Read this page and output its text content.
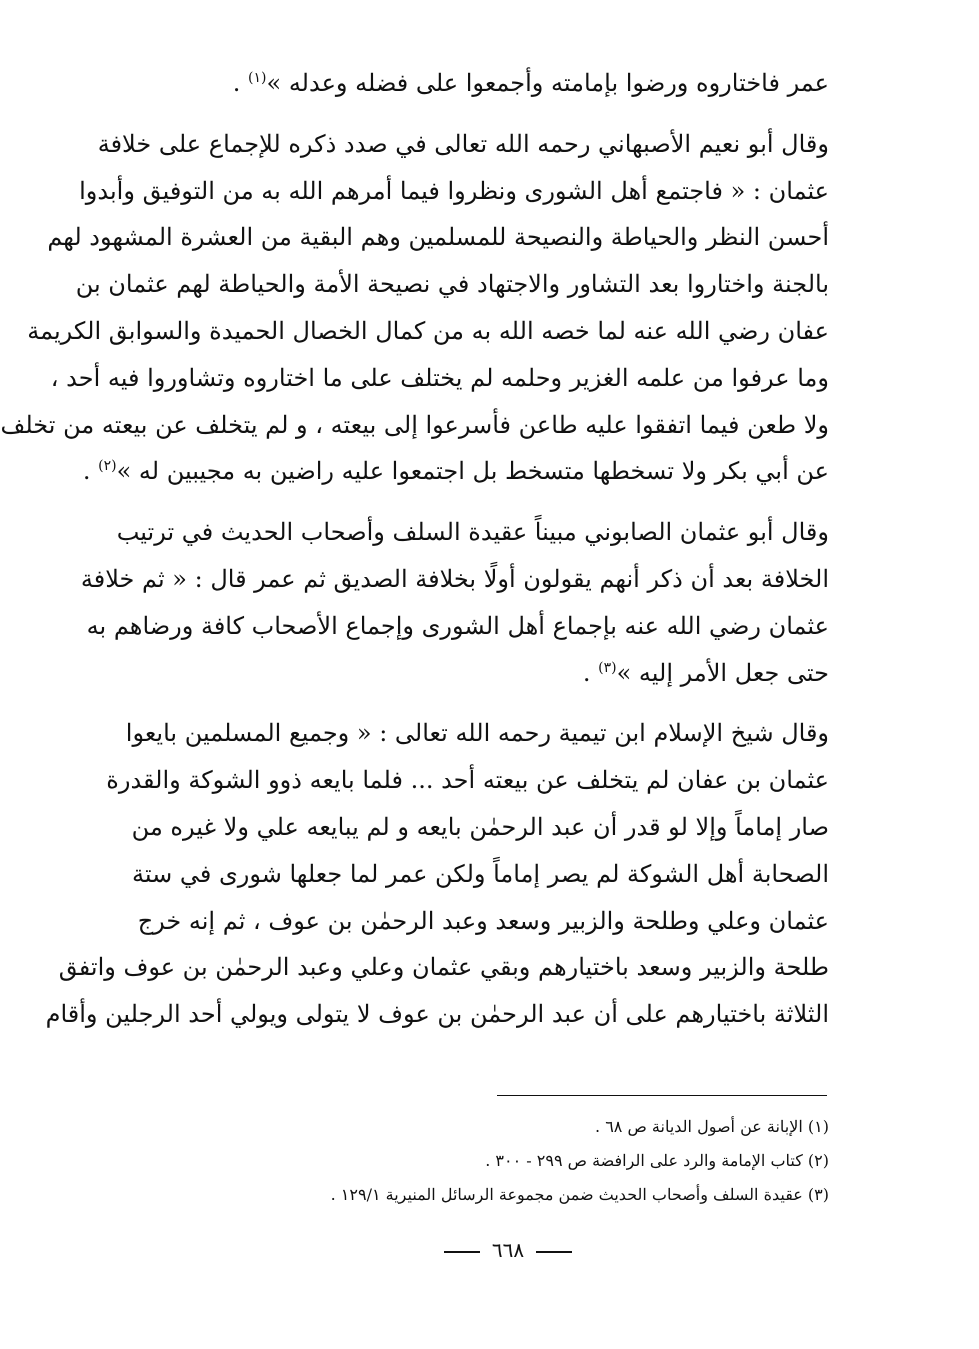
عمر فاختاروه ورضوا بإمامته وأجمعوا على فضله وعدله »$^{(١)}$ .

وقال أبو نعيم الأصبهاني رحمه الله تعالى في صدد ذكره للإجماع على خلافة
عثمان : « فاجتمع أهل الشورى ونظروا فيما أمرهم الله به من التوفيق وأبدوا
أحسن النظر والحياطة والنصيحة للمسلمين وهم البقية من العشرة المشهود لهم
بالجنة واختاروا بعد التشاور والاجتهاد في نصيحة الأمة والحياطة لهم عثمان بن
عفان رضي الله عنه لما خصه الله به من كمال الخصال الحميدة والسوابق الكريمة
وما عرفوا من علمه الغزير وحلمه لم يختلف على ما اختاروه وتشاوروا فيه أحد ،
ولا طعن فيما اتفقوا عليه طاعن فأسرعوا إلى بيعته ، و لم يتخلف عن بيعته من تخلف
عن أبي بكر ولا تسخطها متسخط بل اجتمعوا عليه راضين به مجيبين له »$^{(٢)}$ .

وقال أبو عثمان الصابوني مبيناً عقيدة السلف وأصحاب الحديث في ترتيب
الخلافة بعد أن ذكر أنهم يقولون أولًا بخلافة الصديق ثم عمر قال : « ثم خلافة
عثمان رضي الله عنه بإجماع أهل الشورى وإجماع الأصحاب كافة ورضاهم به
حتى جعل الأمر إليه »$^{(٣)}$ .

وقال شيخ الإسلام ابن تيمية رحمه الله تعالى : « وجميع المسلمين بايعوا
عثمان بن عفان لم يتخلف عن بيعته أحد ... فلما بايعه ذوو الشوكة والقدرة
صار إماماً وإلا لو قدر أن عبد الرحمٰن بايعه و لم يبايعه علي ولا غيره من
الصحابة أهل الشوكة لم يصر إماماً ولكن عمر لما جعلها شورى في ستة
عثمان وعلي وطلحة والزبير وسعد وعبد الرحمٰن بن عوف ، ثم إنه خرج
طلحة والزبير وسعد باختيارهم وبقي عثمان وعلي وعبد الرحمٰن بن عوف واتفق
الثلاثة باختيارهم على أن عبد الرحمٰن بن عوف لا يتولى ويولي أحد الرجلين وأقام

(١) الإبانة عن أصول الديانة ص ٦٨ .
(٢) كتاب الإمامة والرد على الرافضة ص ٢٩٩ - ٣٠٠ .
(٣) عقيدة السلف وأصحاب الحديث ضمن مجموعة الرسائل المنيرية ١٢٩/١ .
٦٦٨
